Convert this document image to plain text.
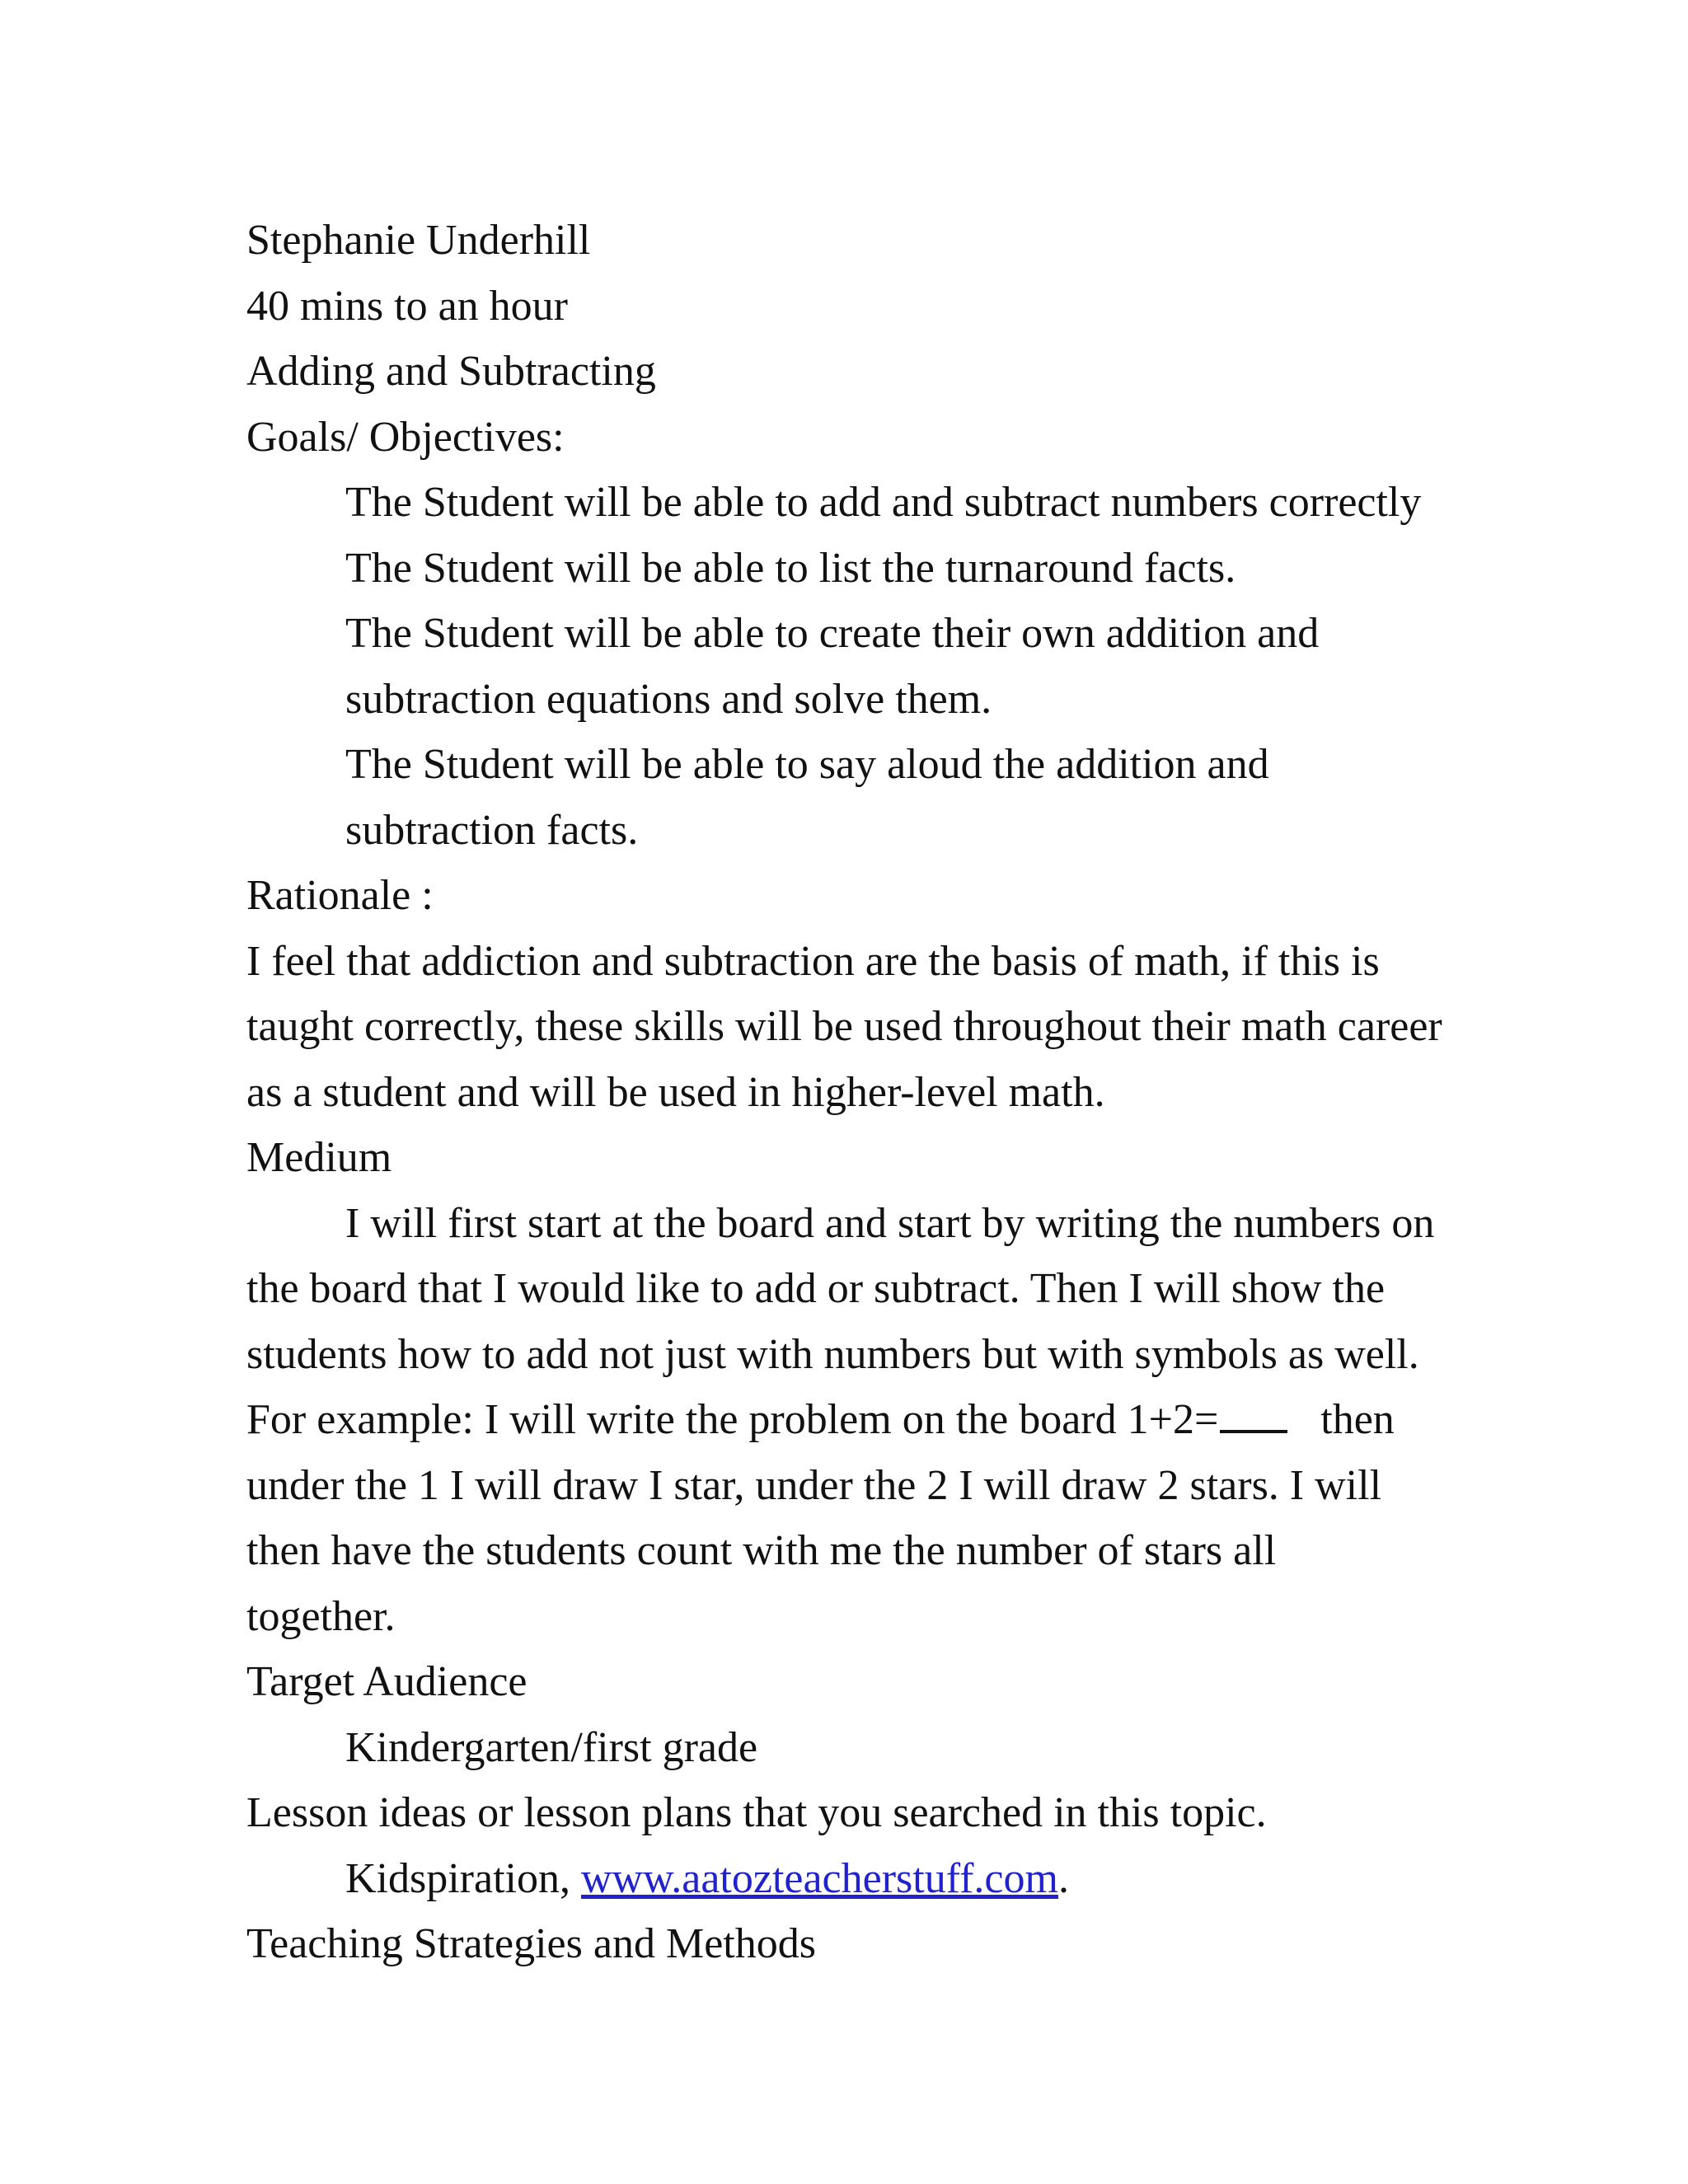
Stephanie Underhill
40 mins to an hour
Adding and Subtracting
Goals/ Objectives:
The Student will be able to add and subtract numbers correctly
The Student will be able to list the turnaround facts.
The Student will be able to create their own addition and
subtraction equations and solve them.
The Student will be able to say aloud the addition and
subtraction facts.
Rationale :
I feel that addiction and subtraction are the basis of math, if this is
taught correctly, these skills will be used throughout their math career
as a student and will be used in higher-level math.
Medium
I will first start at the board and start by writing the numbers on
the board that I would like to add or subtract. Then I will show the
students how to add not just with numbers but with symbols as well.
For example: I will write the problem on the board 1+2= then
under the 1 I will draw I star, under the 2 I will draw 2 stars. I will
then have the students count with me the number of stars all
together.
Target Audience
Kindergarten/first grade
Lesson ideas or lesson plans that you searched in this topic.
Kidspiration, www.aatozteacherstuff.com.
Teaching Strategies and Methods
